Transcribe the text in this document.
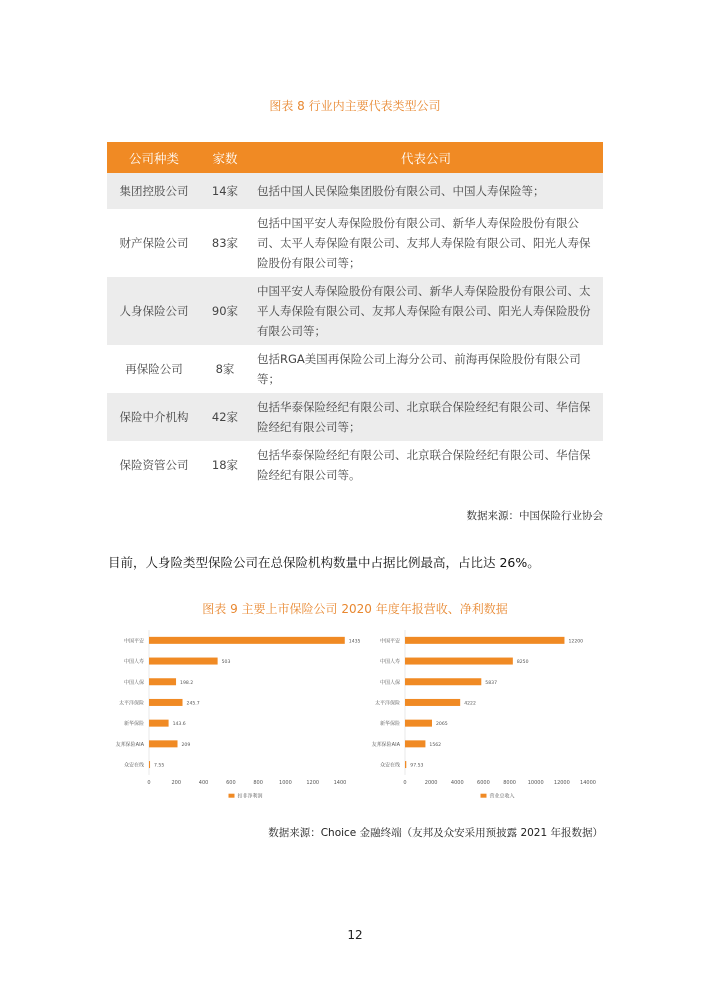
图表 8 行业内主要代表类型公司
公司种类	家数	代表公司
集团控股公司	14家	包括中国人民保险集团股份有限公司、中国人寿保险等；
财产保险公司	83家	包括中国平安人寿保险股份有限公司、新华人寿保险股份有限公司、太平人寿保险有限公司、友邦人寿保险有限公司、阳光人寿保险股份有限公司等；
人身保险公司	90家	中国平安人寿保险股份有限公司、新华人寿保险股份有限公司、太平人寿保险有限公司、友邦人寿保险有限公司、阳光人寿保险股份有限公司等；
再保险公司	8家	包括RGA美国再保险公司上海分公司、前海再保险股份有限公司等；
保险中介机构	42家	包括华泰保险经纪有限公司、北京联合保险经纪有限公司、华信保险经纪有限公司等；
保险资管公司	18家	包括华泰保险经纪有限公司、北京联合保险经纪有限公司、华信保险经纪有限公司等。
数据来源：中国保险行业协会
目前，人身险类型保险公司在总保险机构数量中占据比例最高，占比达 26%。
图表 9 主要上市保险公司 2020 年度年报营收、净利数据
中国平安	1435
中国人寿	503
中国人保	198.2
太平洋保险	245.7
新华保险	143.6
友邦保险AIA	209
众安在线 7.55
0	200	400	600	800	1000	1200	1400
扣非净利润
中国平安	12200
中国人寿	8250
中国人保	5837
太平洋保险	4222
新华保险	2065
友邦保险AIA	1562
众安在线 97.53
0	2000	4000	6000	8000 10000 12000 14000
营业总收入
数据来源：Choice 金融终端（友邦及众安采用预披露 2021 年报数据）
12
